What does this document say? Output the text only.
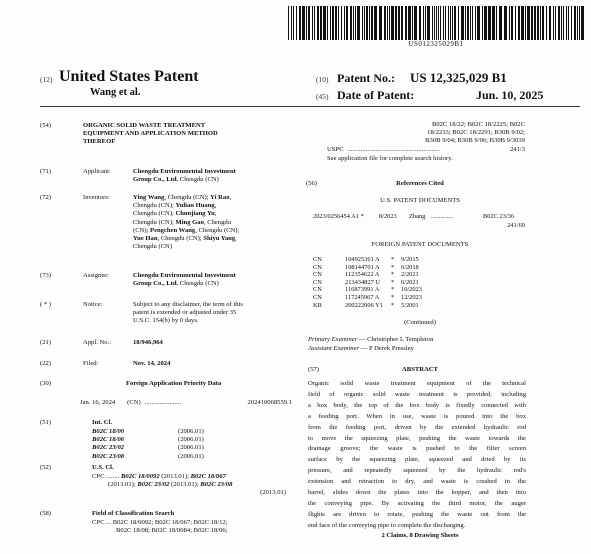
US012325029B1
(12) United States Patent
Wang et al.
(10) Patent No.: US 12,325,029 B1
(45) Date of Patent:	Jun. 10, 2025
(54)	ORGANIC SOLID WASTE TREATMENT
EQUIPMENT AND APPLICATION METHOD
THEREOF
(71)	Applicant:	Chengdu Environmental Investment
Group Co., Ltd. Chengdu (CN)
(72)	Inventors:	Ying Wang, Chengdu (CN); Yi Rao,
Chengdu (CN); Yulian Huang,
Chengdu (CN); Chunjiang Yu,
Chengdu (CN); Ming Gao, Chengdu
(CN); Pengchen Wang, Chengdu (CN);
Yue Han, Chengdu (CN); Shiyu Yang,
Chengdu (CN)
(73)	Assignee:	Chengdu Environmental Investment
Group Co., Ltd. Chengdu (CN)
( * )	Notice:	Subject to any disclaimer, the term of this
patent is extended or adjusted under 35
U.S.C. 154(b) by 0 days.
(21)	Appl. No.:	18/946,964
(22)	Filed:	Nov. 14, 2024
(30)	Foreign Application Priority Data
Jan. 16, 2024 (CN) ......................	202410068559.1
(51)	Int. Cl.
B02C 18/00	(2006.01)
B02C 18/06	(2006.01)
B02C 23/02	(2006.01)
B02C 23/08	(2006.01)
(52)	U.S. Cl.
CPC ........ B02C 18/0092 (2013.01); B02C 18/067
(2013.01); B02C 23/02 (2013.01); B02C 23/08
(2013.01)
(58)	Field of Classification Search
CPC ... B02C 18/0092; B02C 18/067; B02C 18/12;
B02C 18/08; B02C 18/0084; B02C 18/06;
B02C 18/22; B02C 18/2225; B02C
18/2233; B02C 18/2291; B30B 9/02;
B30B 9/04; B30B 9/06; B30B 9/3039
USPC ........................................................	241/3
See application file for complete search history.
(56)	References Cited
U.S. PATENT DOCUMENTS
2023/0256454 A1 *	8/2023	Zhang ..............	B02C 23/36
241/69
FOREIGN PATENT DOCUMENTS
CN	104925361 A	*	9/2015
CN	108144701 A	*	6/2018
CN	112354622 A	*	2/2021
CN	213434827 U	*	6/2021
CN	116873991 A	*	10/2023
CN	117245967 A	*	12/2023
KR	200222006 Y1	*	5/2001
(Continued)
Primary Examiner — Christopher L Templeton
Assistant Examiner — P Derek Pressley
(57)	ABSTRACT
Organic solid waste treatment equipment of the technical
field of organic solid waste treatment is provided, including
a box body, the top of the box body is fixedly connected with
a feeding port. When in use, waste is poured into the box
from the feeding port, driven by the extended hydraulic rod
to move the squeezing plate, pushing the waste towards the
drainage groove; the waste is pushed to the filter screen
surface by the squeezing plate, squeezed and dried by its
pressure, and repeatedly squeezed by the hydraulic rod's
extension and retraction to dry, and waste is crushed in the
barrel, slides down the plates into the hopper, and then into
the conveying pipe. By activating the third motor, the auger
flights are driven to rotate, pushing the waste out from the
end face of the conveying pipe to complete the discharging.
2 Claims, 8 Drawing Sheets
